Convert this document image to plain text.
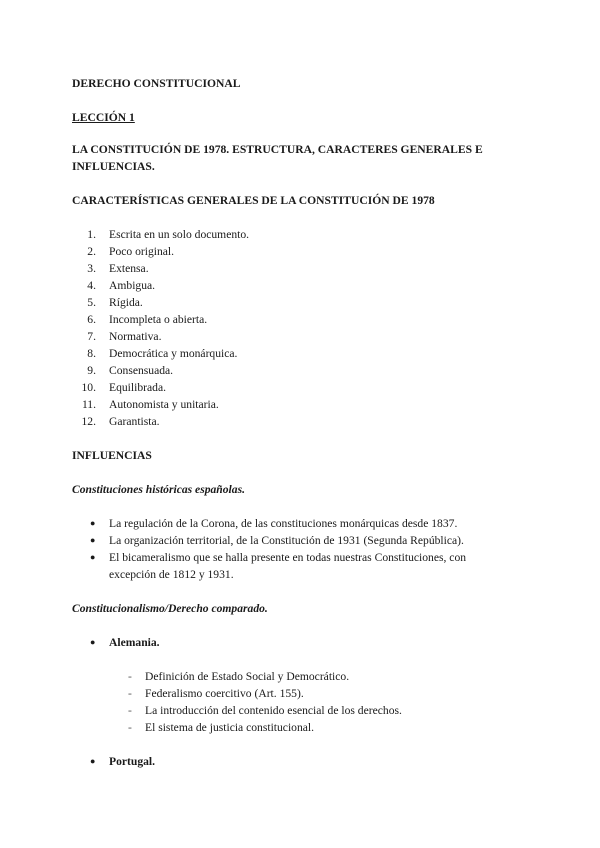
DERECHO CONSTITUCIONAL
LECCIÓN 1
LA CONSTITUCIÓN DE 1978. ESTRUCTURA, CARACTERES GENERALES E
INFLUENCIAS.
CARACTERÍSTICAS GENERALES DE LA CONSTITUCIÓN DE 1978
1. Escrita en un solo documento.
2. Poco original.
3. Extensa.
4. Ambigua.
5. Rígida.
6. Incompleta o abierta.
7. Normativa.
8. Democrática y monárquica.
9. Consensuada.
10. Equilibrada.
11. Autonomista y unitaria.
12. Garantista.
INFLUENCIAS
Constituciones históricas españolas.
● La regulación de la Corona, de las constituciones monárquicas desde 1837.
● La organización territorial, de la Constitución de 1931 (Segunda República).
● El bicameralismo que se halla presente en todas nuestras Constituciones, con
excepción de 1812 y 1931.
Constitucionalismo/Derecho comparado.
● Alemania.
- Definición de Estado Social y Democrático.
- Federalismo coercitivo (Art. 155).
- La introducción del contenido esencial de los derechos.
- El sistema de justicia constitucional.
● Portugal.
